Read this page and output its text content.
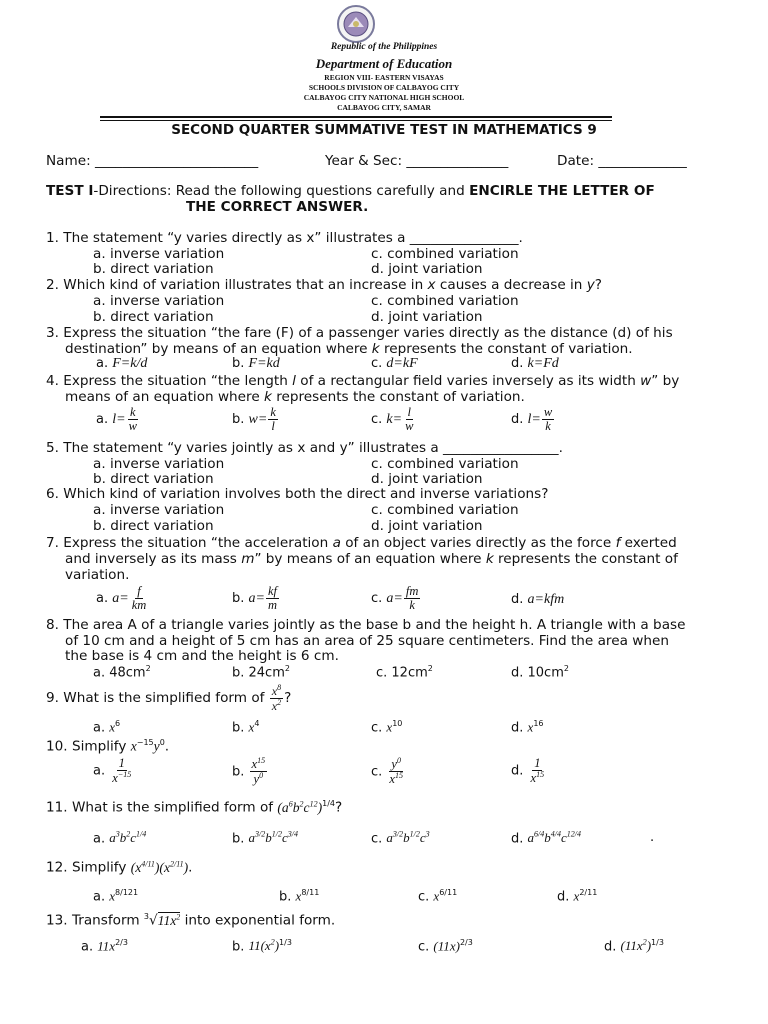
Republic of the Philippines
Department of Education
REGION VIII- EASTERN VISAYAS
SCHOOLS DIVISION OF CALBAYOG CITY
CALBAYOG CITY NATIONAL HIGH SCHOOL
CALBAYOG CITY, SAMAR
SECOND QUARTER SUMMATIVE TEST IN MATHEMATICS 9
Name: ________________________	Year & Sec: _______________	Date: _____________
TEST I-Directions: Read the following questions carefully and ENCIRLE THE LETTER OF
THE CORRECT ANSWER.
1. The statement “y varies directly as x” illustrates a ________________.
a. inverse variation	c. combined variation
b. direct variation	d. joint variation
2. Which kind of variation illustrates that an increase in x causes a decrease in y?
a. inverse variation	c. combined variation
b. direct variation	d. joint variation
3. Express the situation “the fare (F) of a passenger varies directly as the distance (d) of his
destination” by means of an equation where k represents the constant of variation.
a. F=k/d	b. F=kd	c. d=kF	d. k=Fd
4. Express the situation “the length l of a rectangular field varies inversely as its width w” by
means of an equation where k represents the constant of variation.
a. $l= \frac{k}{w}$	b. $w= \frac{k}{l}$	c. $k= \frac{l}{w}$	d. $l= \frac{w}{k}$
5. The statement “y varies jointly as x and y” illustrates a _________________.
a. inverse variation	c. combined variation
b. direct variation	d. joint variation
6. Which kind of variation involves both the direct and inverse variations?
a. inverse variation	c. combined variation
b. direct variation	d. joint variation
7. Express the situation “the acceleration a of an object varies directly as the force f exerted
and inversely as its mass m” by means of an equation where k represents the constant of
variation.
a. $a= \frac{f}{km}$	b. $a= \frac{kf}{m}$	c. $a= \frac{fm}{k}$	d. a=kfm
8. The area A of a triangle varies jointly as the base b and the height h. A triangle with a base
of 10 cm and a height of 5 cm has an area of 25 square centimeters. Find the area when
the base is 4 cm and the height is 6 cm.
a. $48cm^2$	b. $24cm^2$	c. $12cm^2$	d. $10cm^2$
9. What is the simplified form of $\frac{x^8}{x^2}$ ?
a. $x^6$	b. $x^4$	c. $x^{10}$	d. $x^{16}$
10. Simplify $x^{-15}y^0$.
a. $\frac{1}{x^{-15}}$	b. $\frac{x^{15}}{y^0}$	c. $\frac{y^0}{x^{15}}$	d. $\frac{1}{x^{15}}$
11. What is the simplified form of $(a^6b^2c^{12})^{1/4}$?
a. $a^3b^2c^{1/4}$	b. $a^{3/2}b^{1/2}c^{3/4}$	c. $a^{3/2}b^{1/2}c^3$	d. $a^{6/4}b^{4/4}c^{12/4}$	.
12. Simplify $(x^{4/11})(x^{2/11})$.
a. $x^{8/121}$	b. $x^{8/11}$	c. $x^{6/11}$	d. $x^{2/11}$
13. Transform $^3√11x^2$ into exponential form.
a. $11x^{2/3}$	b. $11(x^2)^{1/3}$	c. $(11x)^{2/3}$	d. $(11x^2)^{1/3}$
